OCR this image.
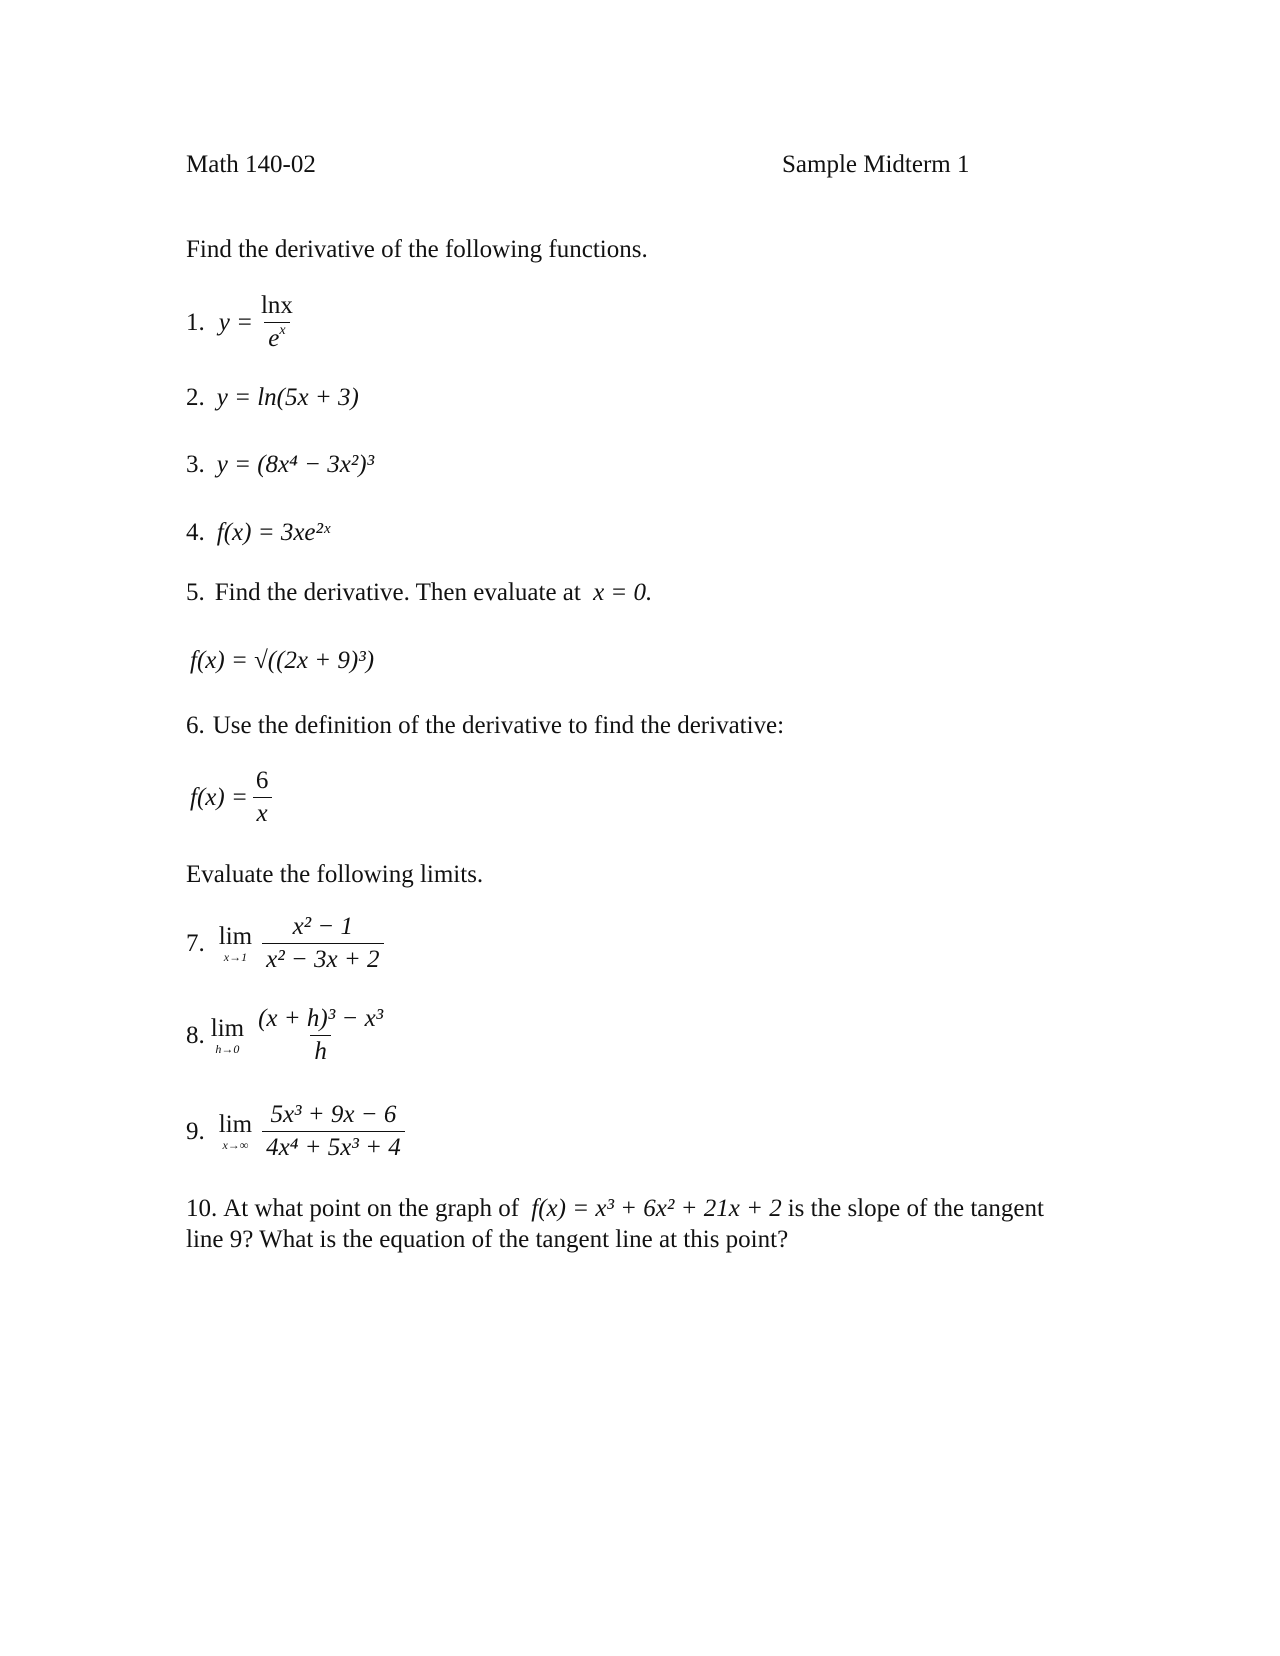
Math 140-02	Sample Midterm 1
Find the derivative of the following functions.
1. $y = \frac{\ln x}{e^x}$
2. y = ln(5x + 3)
3. y = (8x⁴ − 3x²)³
4. f(x) = 3xe²ˣ
5. Find the derivative. Then evaluate at x = 0.
f(x) = √((2x + 9)³)
6. Use the definition of the derivative to find the derivative:
$f(x) = \frac{6}{x}$
Evaluate the following limits.
7. lim
$x\to 1 \frac{\text{x² − 1}}{\text{x² − 3x + 2}}$
8. lim
$h\to 0 \frac{\text{(x + h)³ − x³}}{h}$
9. lim
$x\to\infty \frac{\text{5x³ + 9x − 6}}{\text{4x⁴ + 5x³ + 4}}$
10. At what point on the graph of f(x) = x³ + 6x² + 21x + 2 is the slope of the tangent
line 9? What is the equation of the tangent line at this point?
